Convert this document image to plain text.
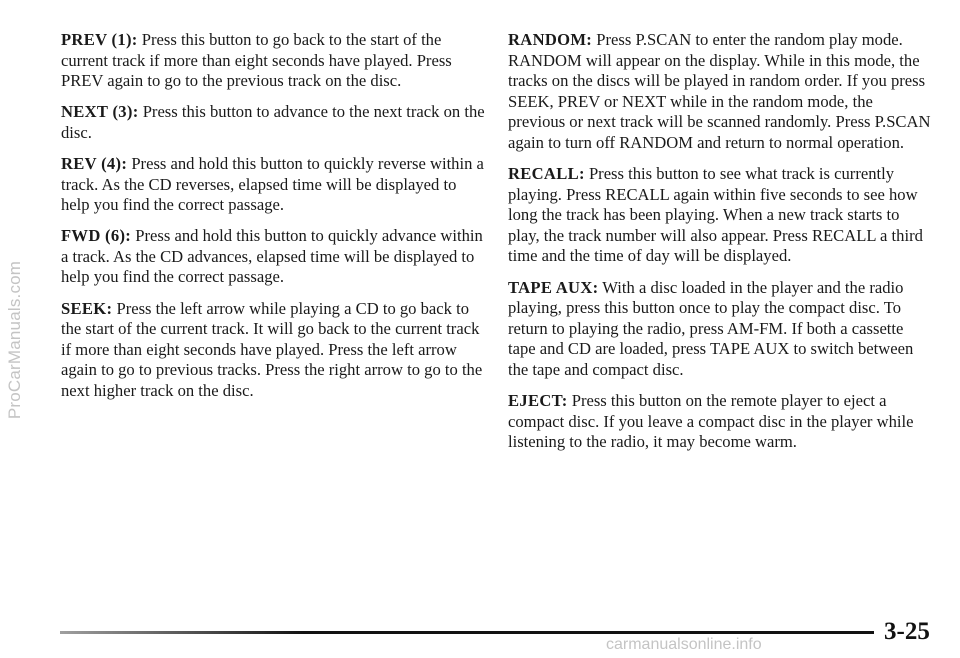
ProCarManuals.com

PREV (1): Press this button to go back to the start of the current track if more than eight seconds have played. Press PREV again to go to the previous track on the disc.

NEXT (3): Press this button to advance to the next track on the disc.

REV (4): Press and hold this button to quickly reverse within a track. As the CD reverses, elapsed time will be displayed to help you find the correct passage.

FWD (6): Press and hold this button to quickly advance within a track. As the CD advances, elapsed time will be displayed to help you find the correct passage.

SEEK: Press the left arrow while playing a CD to go back to the start of the current track. It will go back to the current track if more than eight seconds have played. Press the left arrow again to go to previous tracks. Press the right arrow to go to the next higher track on the disc.

RANDOM: Press P.SCAN to enter the random play mode. RANDOM will appear on the display. While in this mode, the tracks on the discs will be played in random order. If you press SEEK, PREV or NEXT while in the random mode, the previous or next track will be scanned randomly. Press P.SCAN again to turn off RANDOM and return to normal operation.

RECALL: Press this button to see what track is currently playing. Press RECALL again within five seconds to see how long the track has been playing. When a new track starts to play, the track number will also appear. Press RECALL a third time and the time of day will be displayed.

TAPE AUX: With a disc loaded in the player and the radio playing, press this button once to play the compact disc. To return to playing the radio, press AM-FM. If both a cassette tape and CD are loaded, press TAPE AUX to switch between the tape and compact disc.

EJECT: Press this button on the remote player to eject a compact disc. If you leave a compact disc in the player while listening to the radio, it may become warm.

3-25
carmanualsonline.info
